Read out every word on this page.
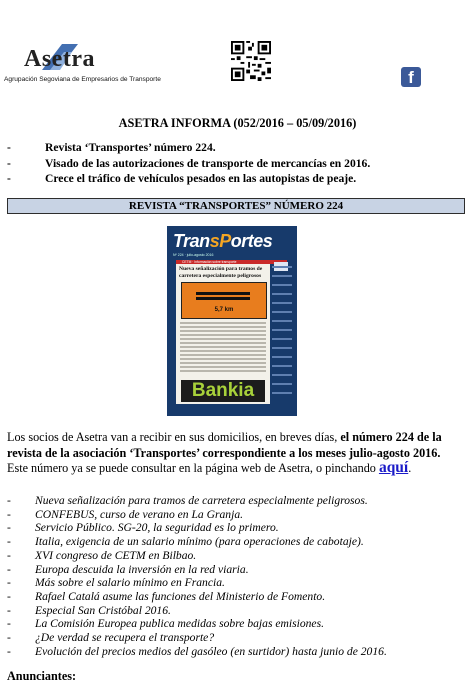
Asetra
Agrupación Segoviana de Empresarios de Transporte	f
ASETRA INFORMA (052/2016 – 05/09/2016)
-	Revista ‘Transportes’ número 224.
-	Visado de las autorizaciones de transporte de mercancías en 2016.
-	Crece el tráfico de vehículos pesados en las autopistas de peaje.
REVISTA “TRANSPORTES” NÚMERO 224
TransPortes
Nº 224 · julio-agosto 2016
CETM · Información sobre transporte
Nueva señalización para tramos de carretera especialmente peligrosos
5,7 km
Bankia

Los socios de Asetra van a recibir en sus domicilios, en breves días, el número 224 de la revista de la asociación ‘Transportes’ correspondiente a los meses julio-agosto 2016.

Este número ya se puede consultar en la página web de Asetra, o pinchando aquí.

-	Nueva señalización para tramos de carretera especialmente peligrosos.
-	CONFEBUS, curso de verano en La Granja.
-	Servicio Público. SG-20, la seguridad es lo primero.
-	Italia, exigencia de un salario mínimo (para operaciones de cabotaje).
-	XVI congreso de CETM en Bilbao.
-	Europa descuida la inversión en la red viaria.
-	Más sobre el salario mínimo en Francia.
-	Rafael Catalá asume las funciones del Ministerio de Fomento.
-	Especial San Cristóbal 2016.
-	La Comisión Europea publica medidas sobre bajas emisiones.
-	¿De verdad se recupera el transporte?
-	Evolución del precios medios del gasóleo (en surtidor) hasta junio de 2016.
Anunciantes:
